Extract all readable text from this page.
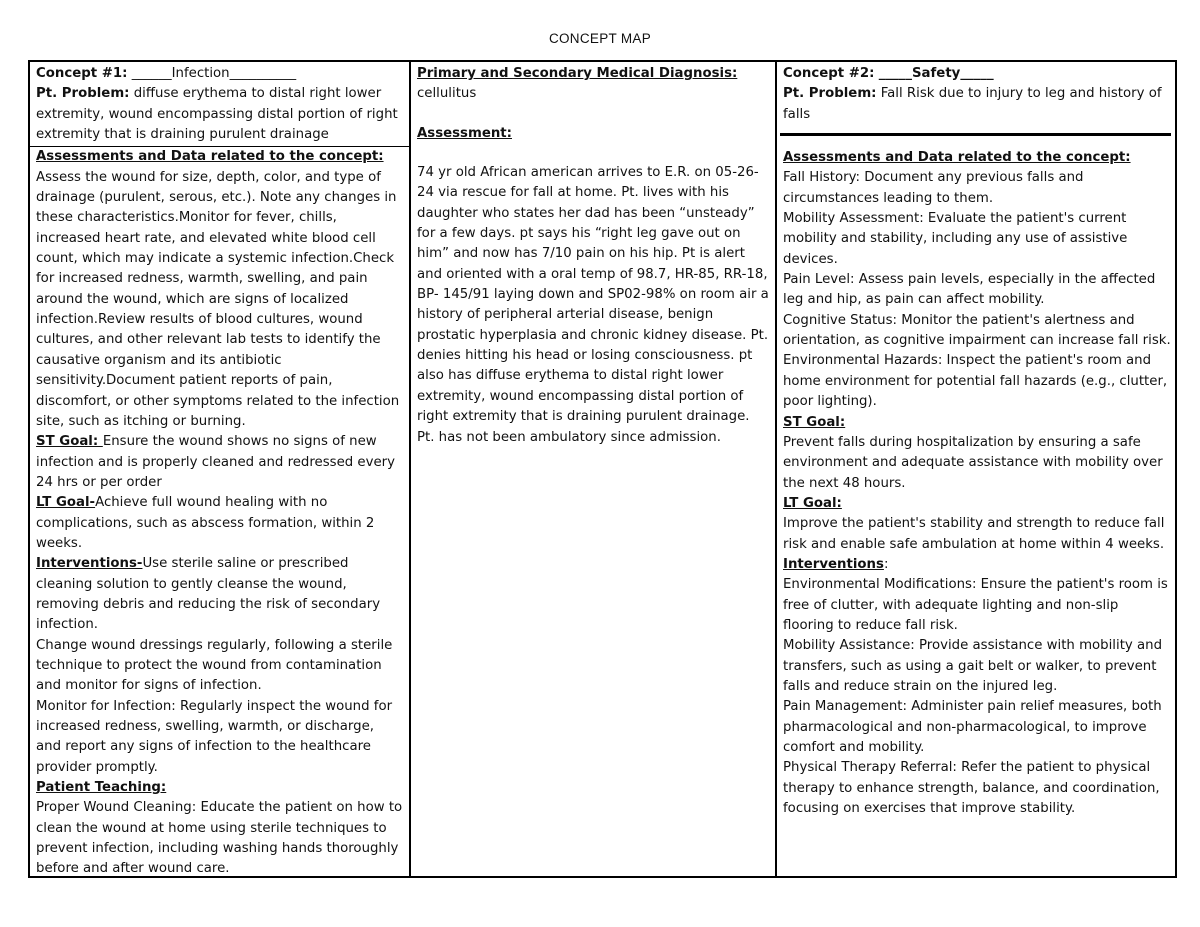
CONCEPT MAP

Concept #1: ______Infection__________

Pt. Problem: diffuse erythema to distal right lower extremity, wound encompassing distal portion of right extremity that is draining purulent drainage

Assessments and Data related to the concept:

Assess the wound for size, depth, color, and type of drainage (purulent, serous, etc.). Note any changes in these characteristics.Monitor for fever, chills, increased heart rate, and elevated white blood cell count, which may indicate a systemic infection.Check for increased redness, warmth, swelling, and pain around the wound, which are signs of localized infection.Review results of blood cultures, wound cultures, and other relevant lab tests to identify the causative organism and its antibiotic sensitivity.Document patient reports of pain, discomfort, or other symptoms related to the infection site, such as itching or burning.

ST Goal: Ensure the wound shows no signs of new infection and is properly cleaned and redressed every 24 hrs or per order

LT Goal-Achieve full wound healing with no complications, such as abscess formation, within 2 weeks.

Interventions-Use sterile saline or prescribed cleaning solution to gently cleanse the wound, removing debris and reducing the risk of secondary infection.

Change wound dressings regularly, following a sterile technique to protect the wound from contamination and monitor for signs of infection.

Monitor for Infection: Regularly inspect the wound for increased redness, swelling, warmth, or discharge, and report any signs of infection to the healthcare provider promptly.

Patient Teaching:

Proper Wound Cleaning: Educate the patient on how to clean the wound at home using sterile techniques to prevent infection, including washing hands thoroughly before and after wound care.

Primary and Secondary Medical Diagnosis:

cellulitus

Assessment:

74 yr old African american arrives to E.R. on 05-26-24 via rescue for fall at home. Pt. lives with his daughter who states her dad has been “unsteady” for a few days. pt says his “right leg gave out on him” and now has 7/10 pain on his hip. Pt is alert and oriented with a oral temp of 98.7, HR-85, RR-18, BP- 145/91 laying down and SP02-98% on room air a history of peripheral arterial disease, benign prostatic hyperplasia and chronic kidney disease. Pt. denies hitting his head or losing consciousness. pt also has diffuse erythema to distal right lower extremity, wound encompassing distal portion of right extremity that is draining purulent drainage. Pt. has not been ambulatory since admission.

Concept #2: _____Safety_____

Pt. Problem: Fall Risk due to injury to leg and history of falls

Assessments and Data related to the concept:

Fall History: Document any previous falls and circumstances leading to them.

Mobility Assessment: Evaluate the patient's current mobility and stability, including any use of assistive devices.

Pain Level: Assess pain levels, especially in the affected leg and hip, as pain can affect mobility.

Cognitive Status: Monitor the patient's alertness and orientation, as cognitive impairment can increase fall risk.

Environmental Hazards: Inspect the patient's room and home environment for potential fall hazards (e.g., clutter, poor lighting).

ST Goal:

Prevent falls during hospitalization by ensuring a safe environment and adequate assistance with mobility over the next 48 hours.

LT Goal:

Improve the patient's stability and strength to reduce fall risk and enable safe ambulation at home within 4 weeks.

Interventions:

Environmental Modifications: Ensure the patient's room is free of clutter, with adequate lighting and non-slip flooring to reduce fall risk.

Mobility Assistance: Provide assistance with mobility and transfers, such as using a gait belt or walker, to prevent falls and reduce strain on the injured leg.

Pain Management: Administer pain relief measures, both pharmacological and non-pharmacological, to improve comfort and mobility.

Physical Therapy Referral: Refer the patient to physical therapy to enhance strength, balance, and coordination, focusing on exercises that improve stability.
